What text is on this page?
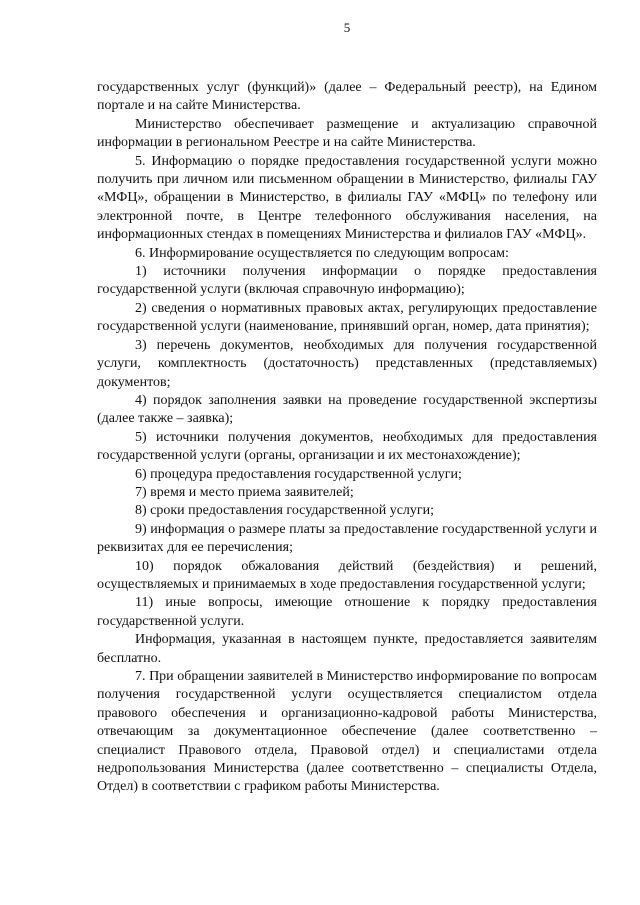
5

государственных услуг (функций)» (далее – Федеральный реестр), на Едином портале и на сайте Министерства.

Министерство обеспечивает размещение и актуализацию справочной информации в региональном Реестре и на сайте Министерства.

5. Информацию о порядке предоставления государственной услуги можно получить при личном или письменном обращении в Министерство, филиалы ГАУ «МФЦ», обращении в Министерство, в филиалы ГАУ «МФЦ» по телефону или электронной почте, в Центре телефонного обслуживания населения, на информационных стендах в помещениях Министерства и филиалов ГАУ «МФЦ».

6. Информирование осуществляется по следующим вопросам:

1) источники получения информации о порядке предоставления государственной услуги (включая справочную информацию);

2) сведения о нормативных правовых актах, регулирующих предоставление государственной услуги (наименование, принявший орган, номер, дата принятия);

3) перечень документов, необходимых для получения государственной услуги, комплектность (достаточность) представленных (представляемых) документов;

4) порядок заполнения заявки на проведение государственной экспертизы (далее также – заявка);

5) источники получения документов, необходимых для предоставления государственной услуги (органы, организации и их местонахождение);

6) процедура предоставления государственной услуги;

7) время и место приема заявителей;

8) сроки предоставления государственной услуги;

9) информация о размере платы за предоставление государственной услуги и реквизитах для ее перечисления;

10) порядок обжалования действий (бездействия) и решений, осуществляемых и принимаемых в ходе предоставления государственной услуги;

11) иные вопросы, имеющие отношение к порядку предоставления государственной услуги.

Информация, указанная в настоящем пункте, предоставляется заявителям бесплатно.

7. При обращении заявителей в Министерство информирование по вопросам получения государственной услуги осуществляется специалистом отдела правового обеспечения и организационно-кадровой работы Министерства, отвечающим за документационное обеспечение (далее соответственно – специалист Правового отдела, Правовой отдел) и специалистами отдела недропользования Министерства (далее соответственно – специалисты Отдела, Отдел) в соответствии с графиком работы Министерства.
